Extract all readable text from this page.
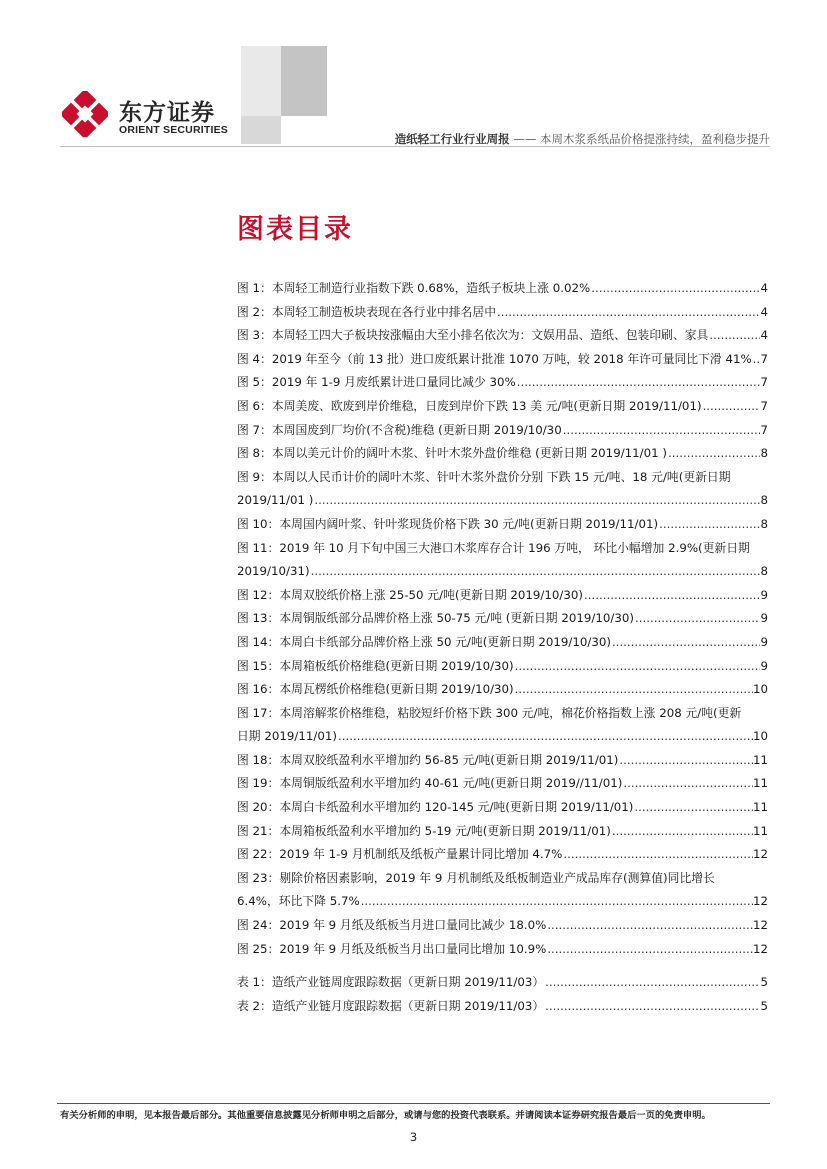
东方证券
ORIENT SECURITIES
造纸轻工行业行业周报 —— 本周木浆系纸品价格提涨持续，盈利稳步提升
图表目录
图 1：本周轻工制造行业指数下跌 0.68%，造纸子板块上涨 0.02% .....	4
图 2：本周轻工制造板块表现在各行业中排名居中 .....	4
图 3：本周轻工四大子板块按涨幅由大至小排名依次为：文娱用品、造纸、包装印刷、家具 .....	4
图 4：2019 年至今（前 13 批）进口废纸累计批准 1070 万吨，较 2018 年许可量同比下滑 41% ..... 7
图 5：2019 年 1-9 月废纸累计进口量同比减少 30% .....	7
图 6：本周美废、欧废到岸价维稳，日废到岸价下跌 13 美 元/吨(更新日期 2019/11/01) .....	7
图 7：本周国废到厂均价(不含税)维稳 (更新日期 2019/10/30 .....	7
图 8：本周以美元计价的阔叶木浆、针叶木浆外盘价维稳 (更新日期 2019/11/01 ) .....	8
图 9：本周以人民币计价的阔叶木浆、针叶木浆外盘价分别 下跌 15 元/吨、18 元/吨(更新日期
2019/11/01 ) .....	8
图 10：本周国内阔叶浆、针叶浆现货价格下跌 30 元/吨(更新日期 2019/11/01) .....	8
图 11：2019 年 10 月下旬中国三大港口木浆库存合计 196 万吨， 环比小幅增加 2.9%(更新日期
2019/10/31) .....	8
图 12：本周双胶纸价格上涨 25-50 元/吨(更新日期 2019/10/30) .....	9
图 13：本周铜版纸部分品牌价格上涨 50-75 元/吨 (更新日期 2019/10/30) .....	9
图 14：本周白卡纸部分品牌价格上涨 50 元/吨(更新日期 2019/10/30) .....	9
图 15：本周箱板纸价格维稳(更新日期 2019/10/30) .....	9
图 16：本周瓦楞纸价格维稳(更新日期 2019/10/30) .....	10
图 17：本周溶解浆价格维稳，粘胶短纤价格下跌 300 元/吨，棉花价格指数上涨 208 元/吨(更新
日期 2019/11/01) .....	10
图 18：本周双胶纸盈利水平增加约 56-85 元/吨(更新日期 2019/11/01) .....	11
图 19：本周铜版纸盈利水平增加约 40-61 元/吨(更新日期 2019//11/01) .....	11
图 20：本周白卡纸盈利水平增加约 120-145 元/吨(更新日期 2019/11/01) .....	11
图 21：本周箱板纸盈利水平增加约 5-19 元/吨(更新日期 2019/11/01) .....	11
图 22：2019 年 1-9 月机制纸及纸板产量累计同比增加 4.7% .....	12
图 23：剔除价格因素影响，2019 年 9 月机制纸及纸板制造业产成品库存(测算值)同比增长
6.4%，环比下降 5.7% .....	12
图 24：2019 年 9 月纸及纸板当月进口量同比减少 18.0% .....	12
图 25：2019 年 9 月纸及纸板当月出口量同比增加 10.9% .....	12
表 1：造纸产业链周度跟踪数据（更新日期 2019/11/03） .....	5
表 2：造纸产业链月度跟踪数据（更新日期 2019/11/03） .....	5
有关分析师的申明，见本报告最后部分。其他重要信息披露见分析师申明之后部分，或请与您的投资代表联系。并请阅读本证券研究报告最后一页的免责申明。
3
